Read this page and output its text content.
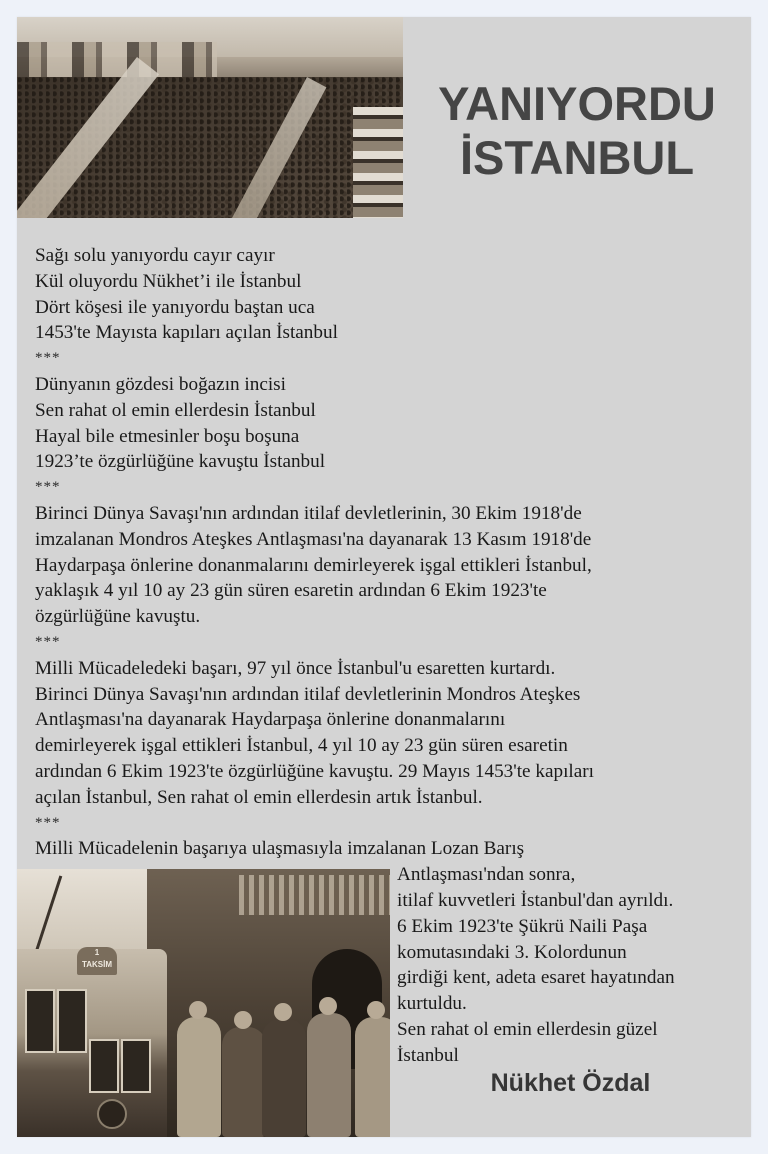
YANIYORDU
İSTANBUL
Sağı solu yanıyordu cayır cayır
Kül oluyordu Nükhet’i ile İstanbul
Dört köşesi ile yanıyordu baştan uca
1453'te Mayısta kapıları açılan İstanbul
***
Dünyanın gözdesi boğazın incisi
Sen rahat ol emin ellerdesin İstanbul
Hayal bile etmesinler boşu boşuna
1923’te özgürlüğüne kavuştu İstanbul
***
Birinci Dünya Savaşı'nın ardından itilaf devletlerinin, 30 Ekim 1918'de
imzalanan Mondros Ateşkes Antlaşması'na dayanarak 13 Kasım 1918'de
Haydarpaşa önlerine donanmalarını demirleyerek işgal ettikleri İstanbul,
yaklaşık 4 yıl 10 ay 23 gün süren esaretin ardından 6 Ekim 1923'te
özgürlüğüne kavuştu.
***
Milli Mücadeledeki başarı, 97 yıl önce İstanbul'u esaretten kurtardı.
Birinci Dünya Savaşı'nın ardından itilaf devletlerinin Mondros Ateşkes
Antlaşması'na dayanarak Haydarpaşa önlerine donanmalarını
demirleyerek işgal ettikleri İstanbul, 4 yıl 10 ay 23 gün süren esaretin
ardından 6 Ekim 1923'te özgürlüğüne kavuştu. 29 Mayıs 1453'te kapıları
açılan İstanbul, Sen rahat ol emin ellerdesin artık İstanbul.
***
Milli Mücadelenin başarıya ulaşmasıyla imzalanan Lozan Barış
Antlaşması'ndan sonra,
itilaf kuvvetleri İstanbul'dan ayrıldı.
6 Ekim 1923'te Şükrü Naili Paşa
komutasındaki 3. Kolordunun
girdiği kent, adeta esaret hayatından
kurtuldu.
Sen rahat ol emin ellerdesin güzel
İstanbul
1
TAKSİM
Nükhet Özdal
